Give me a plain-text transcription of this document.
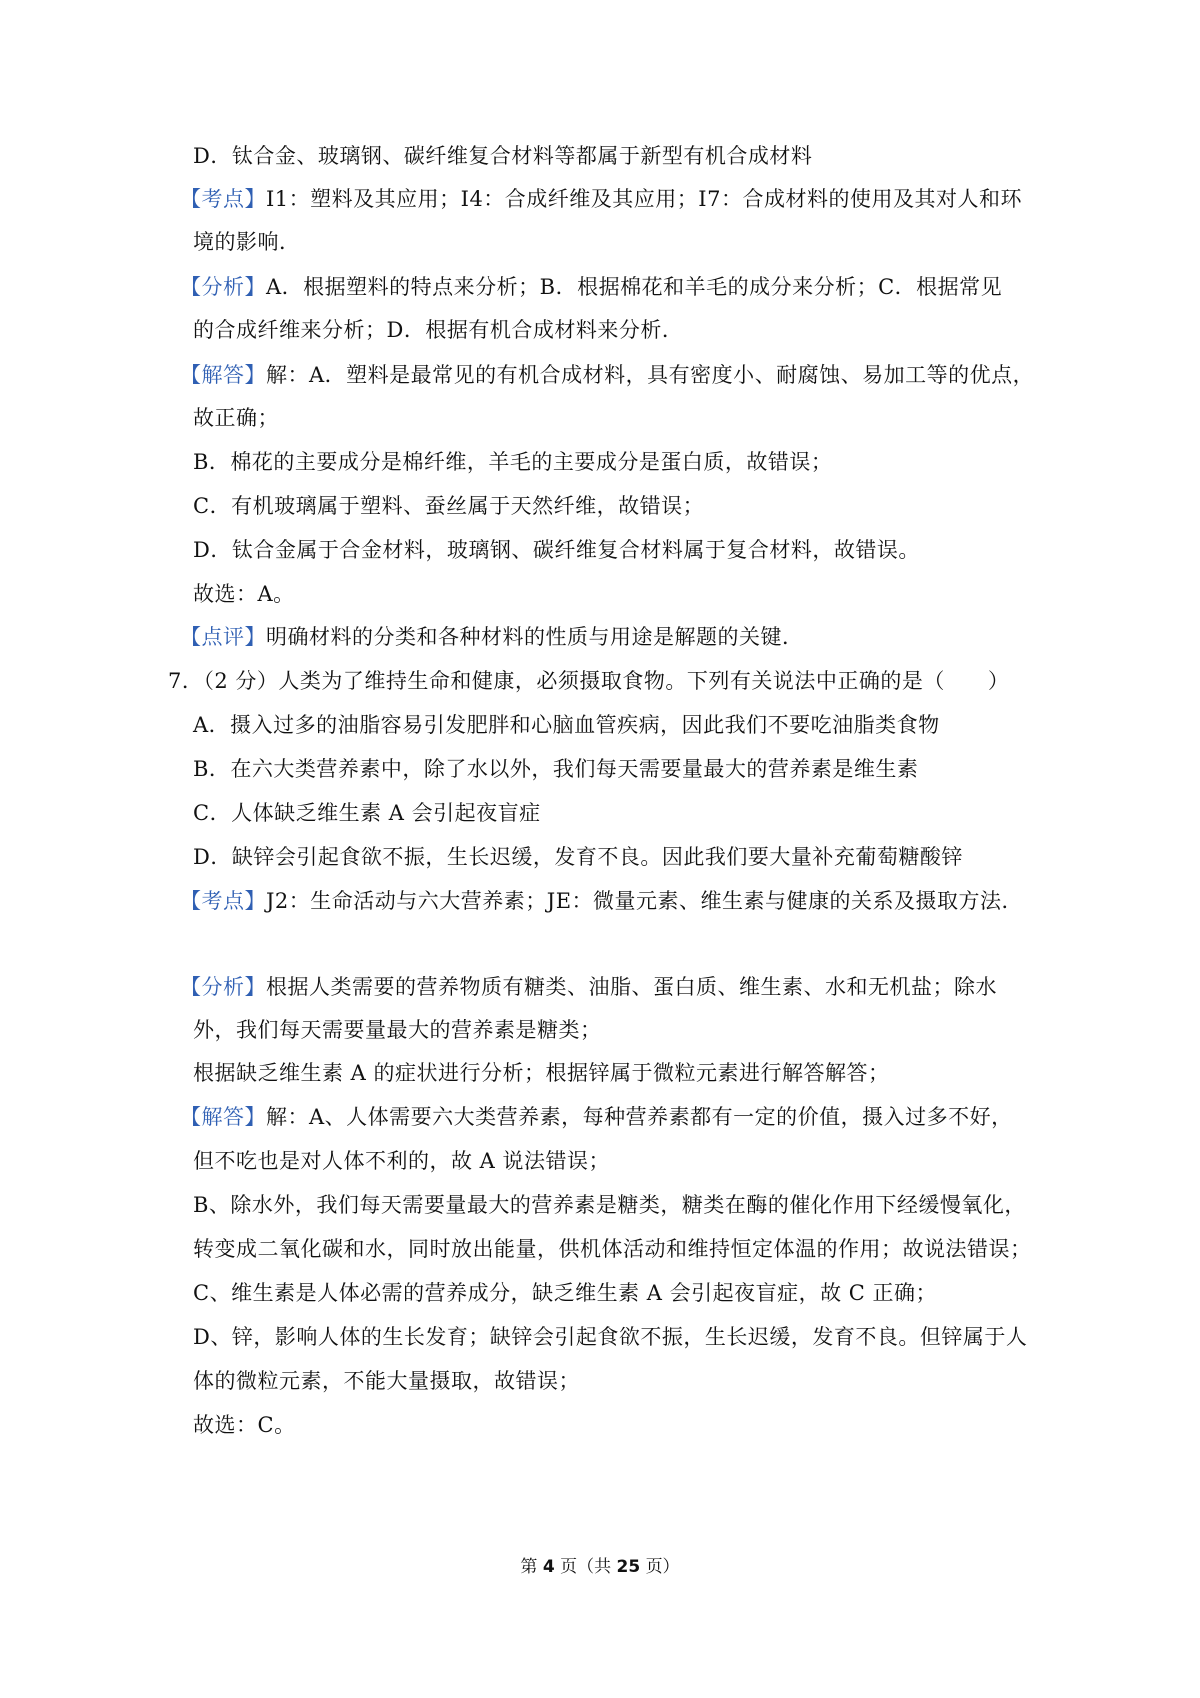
D．钛合金、玻璃钢、碳纤维复合材料等都属于新型有机合成材料
【考点】I1：塑料及其应用；I4：合成纤维及其应用；I7：合成材料的使用及其对人和环
境的影响．
【分析】A．根据塑料的特点来分析；B．根据棉花和羊毛的成分来分析；C．根据常见
的合成纤维来分析；D．根据有机合成材料来分析．
【解答】解：A．塑料是最常见的有机合成材料，具有密度小、耐腐蚀、易加工等的优点，
故正确；
B．棉花的主要成分是棉纤维，羊毛的主要成分是蛋白质，故错误；
C．有机玻璃属于塑料、蚕丝属于天然纤维，故错误；
D．钛合金属于合金材料，玻璃钢、碳纤维复合材料属于复合材料，故错误。
故选：A。
【点评】明确材料的分类和各种材料的性质与用途是解题的关键．
7．（2 分）人类为了维持生命和健康，必须摄取食物。下列有关说法中正确的是（　　）
A．摄入过多的油脂容易引发肥胖和心脑血管疾病，因此我们不要吃油脂类食物
B．在六大类营养素中，除了水以外，我们每天需要量最大的营养素是维生素
C．人体缺乏维生素 A 会引起夜盲症
D．缺锌会引起食欲不振，生长迟缓，发育不良。因此我们要大量补充葡萄糖酸锌
【考点】J2：生命活动与六大营养素；JE：微量元素、维生素与健康的关系及摄取方法．
【分析】根据人类需要的营养物质有糖类、油脂、蛋白质、维生素、水和无机盐；除水
外，我们每天需要量最大的营养素是糖类；
根据缺乏维生素 A 的症状进行分析；根据锌属于微粒元素进行解答解答；
【解答】解：A、人体需要六大类营养素，每种营养素都有一定的价值，摄入过多不好，
但不吃也是对人体不利的，故 A 说法错误；
B、除水外，我们每天需要量最大的营养素是糖类，糖类在酶的催化作用下经缓慢氧化，
转变成二氧化碳和水，同时放出能量，供机体活动和维持恒定体温的作用；故说法错误；
C、维生素是人体必需的营养成分，缺乏维生素 A 会引起夜盲症，故 C 正确；
D、锌，影响人体的生长发育；缺锌会引起食欲不振，生长迟缓，发育不良。但锌属于人
体的微粒元素，不能大量摄取，故错误；
故选：C。
第 4 页（共 25 页）
